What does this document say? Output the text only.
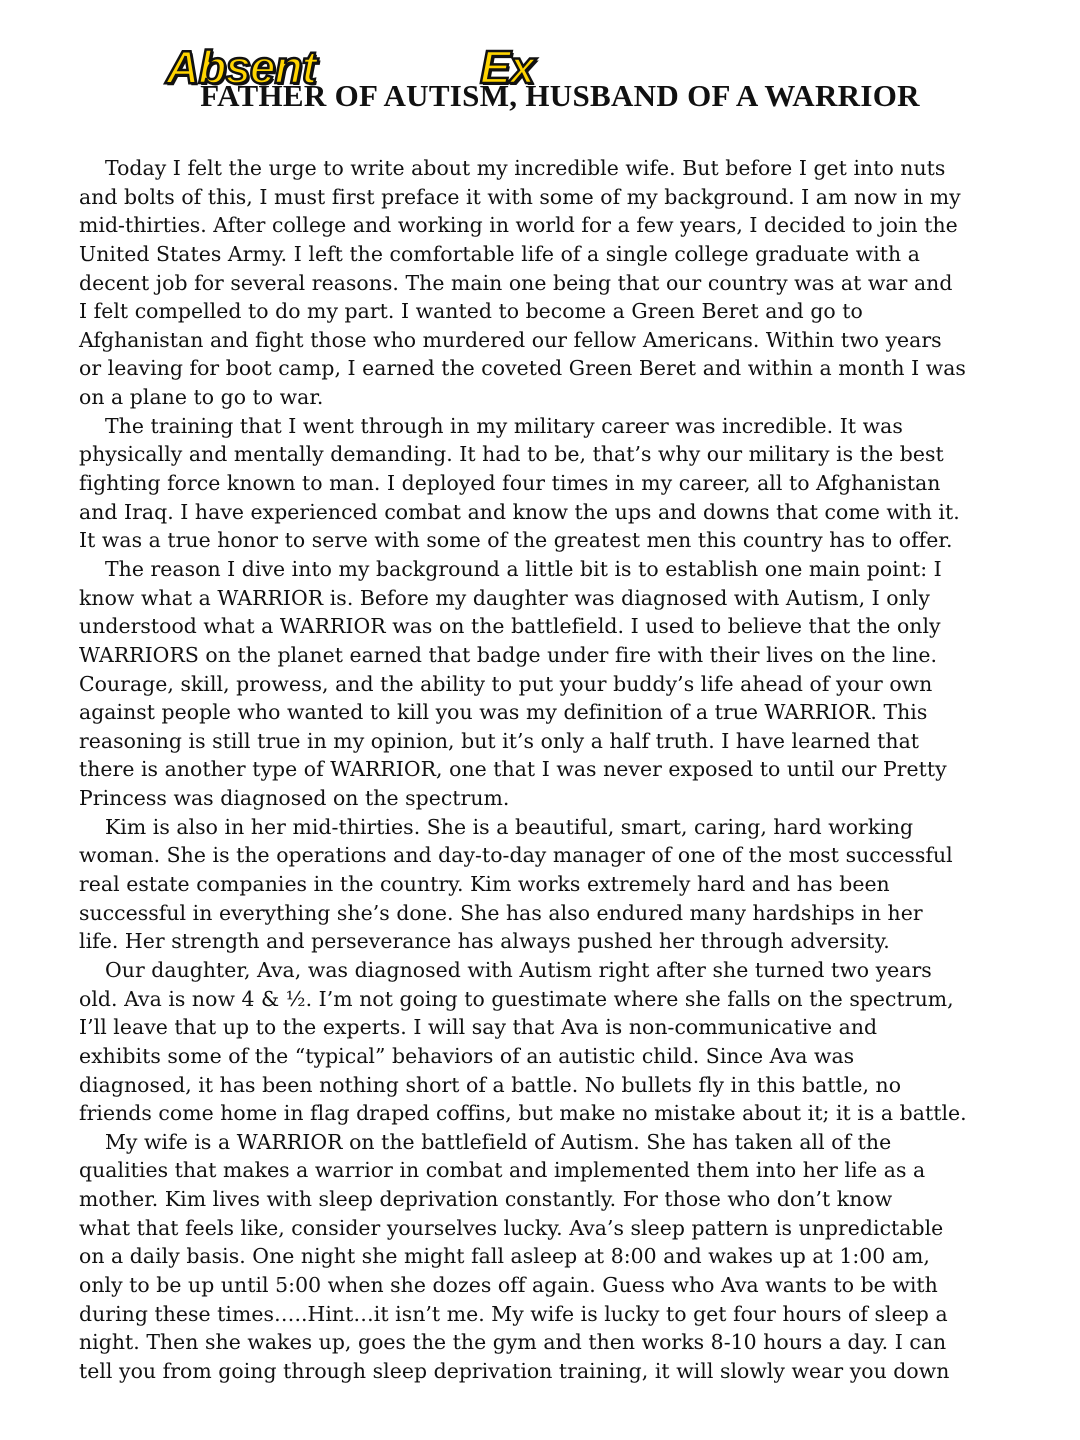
Absent	Ex
FATHER OF AUTISM, HUSBAND OF A WARRIOR
Today I felt the urge to write about my incredible wife. But before I get into nuts
and bolts of this, I must first preface it with some of my background. I am now in my
mid-thirties. After college and working in world for a few years, I decided to join the
United States Army. I left the comfortable life of a single college graduate with a
decent job for several reasons. The main one being that our country was at war and
I felt compelled to do my part. I wanted to become a Green Beret and go to
Afghanistan and fight those who murdered our fellow Americans. Within two years
or leaving for boot camp, I earned the coveted Green Beret and within a month I was
on a plane to go to war.
The training that I went through in my military career was incredible. It was
physically and mentally demanding. It had to be, that’s why our military is the best
fighting force known to man. I deployed four times in my career, all to Afghanistan
and Iraq. I have experienced combat and know the ups and downs that come with it.
It was a true honor to serve with some of the greatest men this country has to offer.
The reason I dive into my background a little bit is to establish one main point: I
know what a WARRIOR is. Before my daughter was diagnosed with Autism, I only
understood what a WARRIOR was on the battlefield. I used to believe that the only
WARRIORS on the planet earned that badge under fire with their lives on the line.
Courage, skill, prowess, and the ability to put your buddy’s life ahead of your own
against people who wanted to kill you was my definition of a true WARRIOR. This
reasoning is still true in my opinion, but it’s only a half truth. I have learned that
there is another type of WARRIOR, one that I was never exposed to until our Pretty
Princess was diagnosed on the spectrum.
Kim is also in her mid-thirties. She is a beautiful, smart, caring, hard working
woman. She is the operations and day-to-day manager of one of the most successful
real estate companies in the country. Kim works extremely hard and has been
successful in everything she’s done. She has also endured many hardships in her
life. Her strength and perseverance has always pushed her through adversity.
Our daughter, Ava, was diagnosed with Autism right after she turned two years
old. Ava is now 4 & ½. I’m not going to guestimate where she falls on the spectrum,
I’ll leave that up to the experts. I will say that Ava is non-communicative and
exhibits some of the “typical” behaviors of an autistic child. Since Ava was
diagnosed, it has been nothing short of a battle. No bullets fly in this battle, no
friends come home in flag draped coffins, but make no mistake about it; it is a battle.
My wife is a WARRIOR on the battlefield of Autism. She has taken all of the
qualities that makes a warrior in combat and implemented them into her life as a
mother. Kim lives with sleep deprivation constantly. For those who don’t know
what that feels like, consider yourselves lucky. Ava’s sleep pattern is unpredictable
on a daily basis. One night she might fall asleep at 8:00 and wakes up at 1:00 am,
only to be up until 5:00 when she dozes off again. Guess who Ava wants to be with
during these times…..Hint…it isn’t me. My wife is lucky to get four hours of sleep a
night. Then she wakes up, goes the the gym and then works 8-10 hours a day. I can
tell you from going through sleep deprivation training, it will slowly wear you down
